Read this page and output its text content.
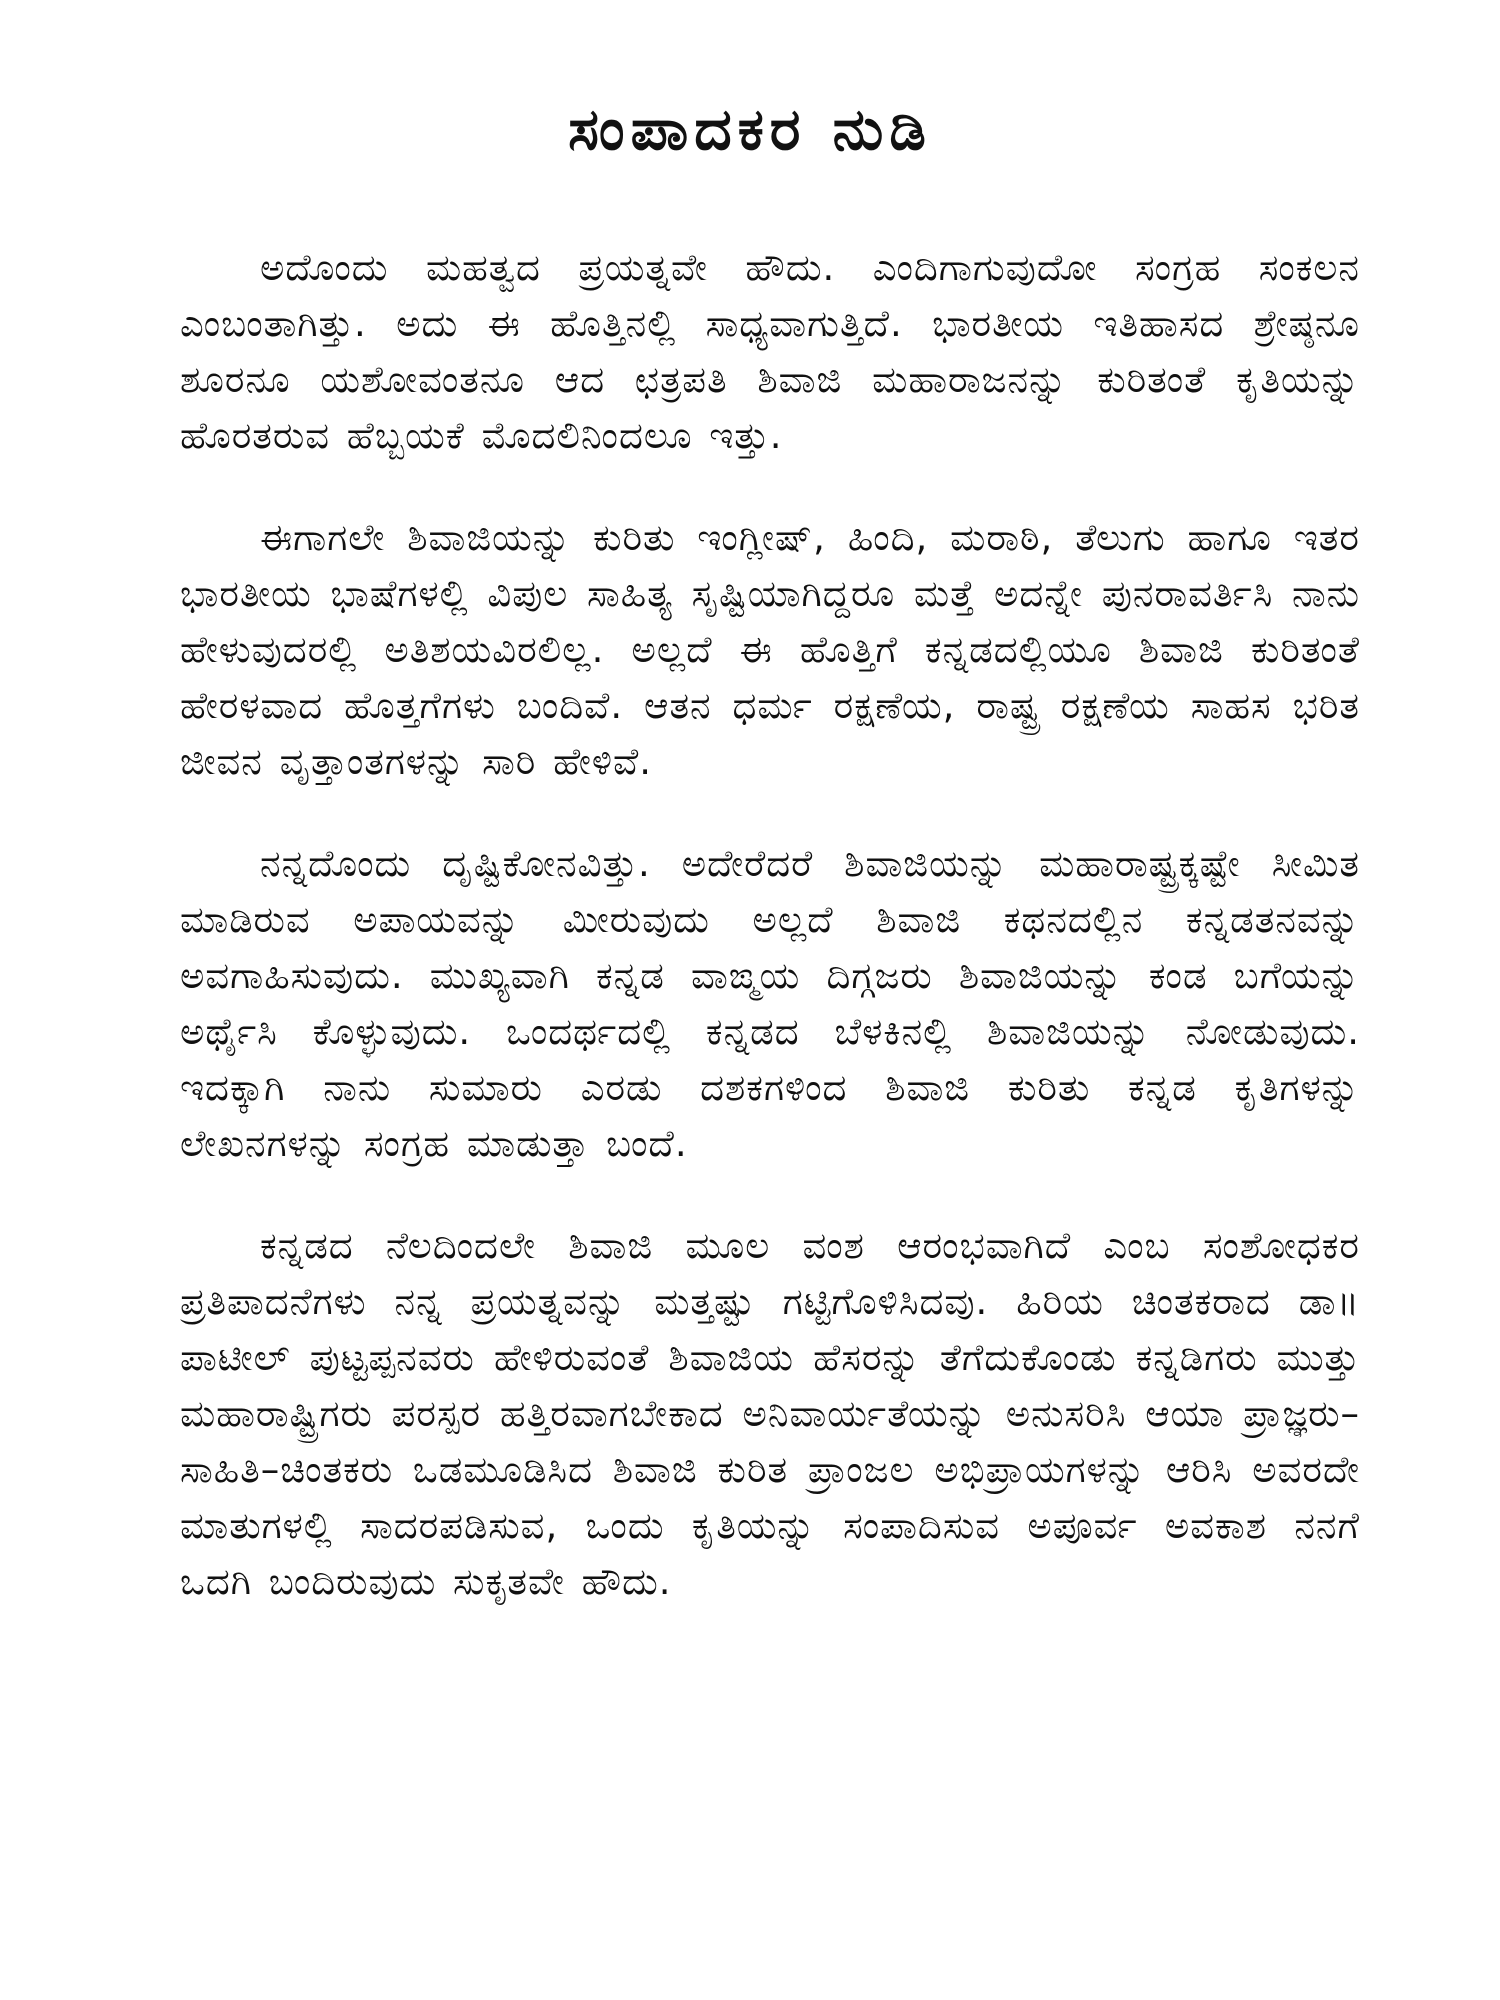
ಸಂಪಾದಕರ ನುಡಿ

ಅದೊಂದು ಮಹತ್ವದ ಪ್ರಯತ್ನವೇ ಹೌದು. ಎಂದಿಗಾಗುವುದೋ ಸಂಗ್ರಹ ಸಂಕಲನ ಎಂಬಂತಾಗಿತ್ತು. ಅದು ಈ ಹೊತ್ತಿನಲ್ಲಿ ಸಾಧ್ಯವಾಗುತ್ತಿದೆ. ಭಾರತೀಯ ಇತಿಹಾಸದ ಶ್ರೇಷ್ಠನೂ ಶೂರನೂ ಯಶೋವಂತನೂ ಆದ ಛತ್ರಪತಿ ಶಿವಾಜಿ ಮಹಾರಾಜನನ್ನು ಕುರಿತಂತೆ ಕೃತಿಯನ್ನು ಹೊರತರುವ ಹೆಬ್ಬಯಕೆ ಮೊದಲಿನಿಂದಲೂ ಇತ್ತು.

ಈಗಾಗಲೇ ಶಿವಾಜಿಯನ್ನು ಕುರಿತು ಇಂಗ್ಲೀಷ್, ಹಿಂದಿ, ಮರಾಠಿ, ತೆಲುಗು ಹಾಗೂ ಇತರ ಭಾರತೀಯ ಭಾಷೆಗಳಲ್ಲಿ ವಿಪುಲ ಸಾಹಿತ್ಯ ಸೃಷ್ಟಿಯಾಗಿದ್ದರೂ ಮತ್ತೆ ಅದನ್ನೇ ಪುನರಾವರ್ತಿಸಿ ನಾನು ಹೇಳುವುದರಲ್ಲಿ ಅತಿಶಯವಿರಲಿಲ್ಲ. ಅಲ್ಲದೆ ಈ ಹೊತ್ತಿಗೆ ಕನ್ನಡದಲ್ಲಿಯೂ ಶಿವಾಜಿ ಕುರಿತಂತೆ ಹೇರಳವಾದ ಹೊತ್ತಗೆಗಳು ಬಂದಿವೆ. ಆತನ ಧರ್ಮ ರಕ್ಷಣೆಯ, ರಾಷ್ಟ್ರ ರಕ್ಷಣೆಯ ಸಾಹಸ ಭರಿತ ಜೀವನ ವೃತ್ತಾಂತಗಳನ್ನು ಸಾರಿ ಹೇಳಿವೆ.

ನನ್ನದೊಂದು ದೃಷ್ಟಿಕೋನವಿತ್ತು. ಅದೇರೆದರೆ ಶಿವಾಜಿಯನ್ನು ಮಹಾರಾಷ್ಟ್ರಕ್ಕಷ್ಟೇ ಸೀಮಿತ ಮಾಡಿರುವ ಅಪಾಯವನ್ನು ಮೀರುವುದು ಅಲ್ಲದೆ ಶಿವಾಜಿ ಕಥನದಲ್ಲಿನ ಕನ್ನಡತನವನ್ನು ಅವಗಾಹಿಸುವುದು. ಮುಖ್ಯವಾಗಿ ಕನ್ನಡ ವಾಙ್ಮಯ ದಿಗ್ಗಜರು ಶಿವಾಜಿಯನ್ನು ಕಂಡ ಬಗೆಯನ್ನು ಅರ್ಥೈಸಿ ಕೊಳ್ಳುವುದು. ಒಂದರ್ಥದಲ್ಲಿ ಕನ್ನಡದ ಬೆಳಕಿನಲ್ಲಿ ಶಿವಾಜಿಯನ್ನು ನೋಡುವುದು. ಇದಕ್ಕಾಗಿ ನಾನು ಸುಮಾರು ಎರಡು ದಶಕಗಳಿಂದ ಶಿವಾಜಿ ಕುರಿತು ಕನ್ನಡ ಕೃತಿಗಳನ್ನು ಲೇಖನಗಳನ್ನು ಸಂಗ್ರಹ ಮಾಡುತ್ತಾ ಬಂದೆ.

ಕನ್ನಡದ ನೆಲದಿಂದಲೇ ಶಿವಾಜಿ ಮೂಲ ವಂಶ ಆರಂಭವಾಗಿದೆ ಎಂಬ ಸಂಶೋಧಕರ ಪ್ರತಿಪಾದನೆಗಳು ನನ್ನ ಪ್ರಯತ್ನವನ್ನು ಮತ್ತಷ್ಟು ಗಟ್ಟಿಗೊಳಿಸಿದವು. ಹಿರಿಯ ಚಿಂತಕರಾದ ಡಾ॥ ಪಾಟೀಲ್ ಪುಟ್ಟಪ್ಪನವರು ಹೇಳಿರುವಂತೆ ಶಿವಾಜಿಯ ಹೆಸರನ್ನು ತೆಗೆದುಕೊಂಡು ಕನ್ನಡಿಗರು ಮುತ್ತು ಮಹಾರಾಷ್ಟ್ರಿಗರು ಪರಸ್ಪರ ಹತ್ತಿರವಾಗಬೇಕಾದ ಅನಿವಾರ್ಯತೆಯನ್ನು ಅನುಸರಿಸಿ ಆಯಾ ಪ್ರಾಜ್ಞರು–ಸಾಹಿತಿ–ಚಿಂತಕರು ಒಡಮೂಡಿಸಿದ ಶಿವಾಜಿ ಕುರಿತ ಪ್ರಾಂಜಲ ಅಭಿಪ್ರಾಯಗಳನ್ನು ಆರಿಸಿ ಅವರದೇ ಮಾತುಗಳಲ್ಲಿ ಸಾದರಪಡಿಸುವ, ಒಂದು ಕೃತಿಯನ್ನು ಸಂಪಾದಿಸುವ ಅಪೂರ್ವ ಅವಕಾಶ ನನಗೆ ಒದಗಿ ಬಂದಿರುವುದು ಸುಕೃತವೇ ಹೌದು.
